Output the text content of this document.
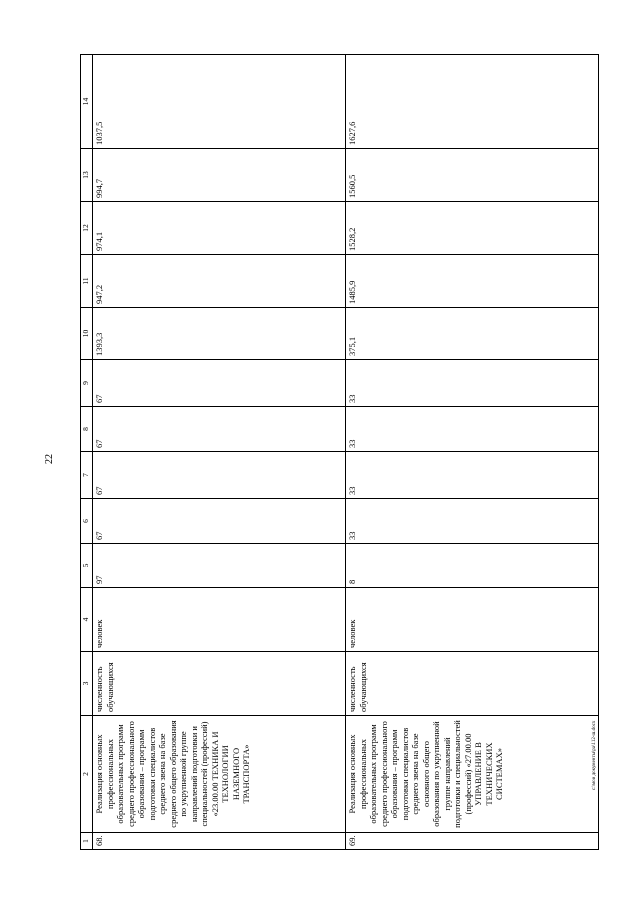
22
c:\мои документы\ра\112-ш.docx
1	2	3	4	5	6	7	8	9	10	11	12	13	14
68.	Реализация основных профессиональных образовательных программ среднего профессионального образования – программ подготовки специалистов среднего звена на базе среднего общего образования по укрупненной группе направлений подготовки и специальностей (профессий) «23.00.00 ТЕХНИКА И ТЕХНОЛОГИИ НАЗЕМНОГО ТРАНСПОРТА»	численность обучающихся	человек	97	67	67	67	67	1393,3	947,2	974,1	994,7	1037,5
69.	Реализация основных профессиональных образовательных программ среднего профессионального образования – программ подготовки специалистов среднего звена на базе основного общего образования по укрупненной группе направлений подготовки и специальностей (профессий) «27.00.00 УПРАВЛЕНИЕ В ТЕХНИЧЕСКИХ СИСТЕМАХ»	численность обучающихся	человек	8	33	33	33	33	375,1	1485,9	1528,2	1560,5	1627,6
